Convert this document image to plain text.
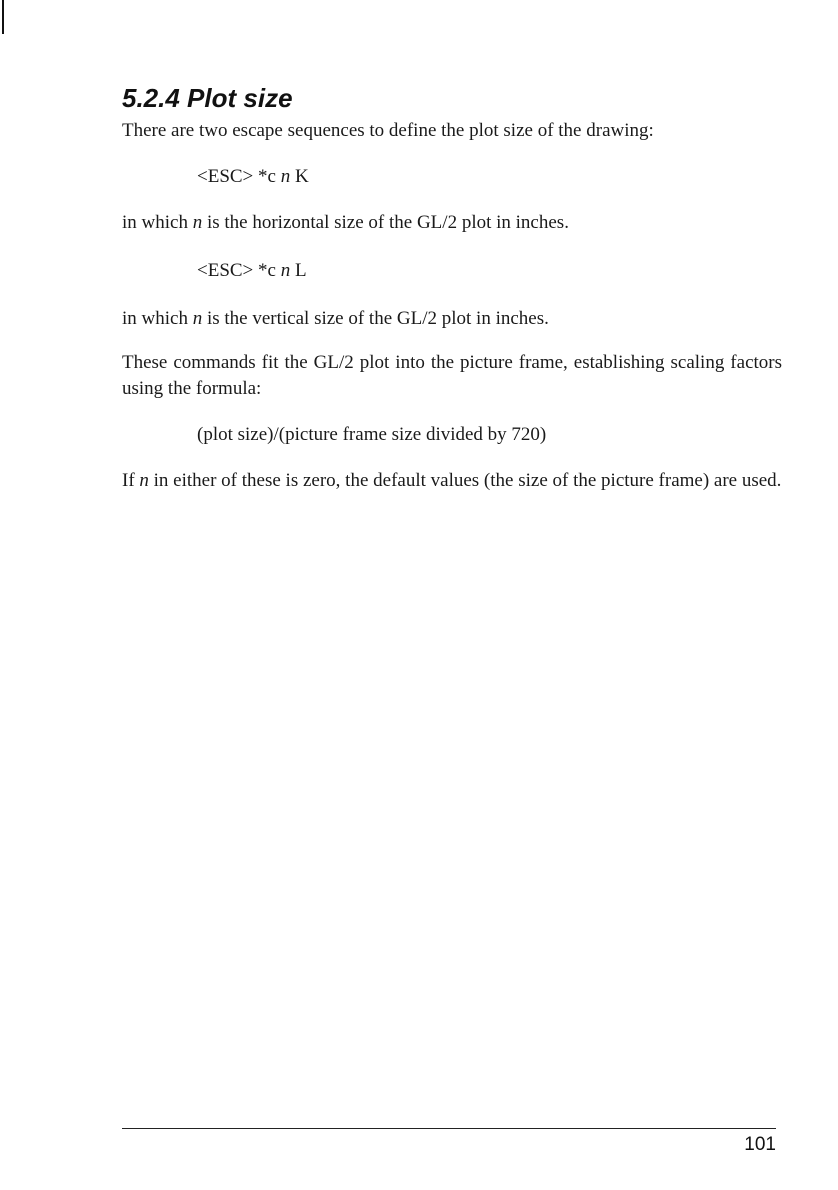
5.2.4 Plot size

There are two escape sequences to define the plot size of the drawing:

<ESC> *c n K

in which n is the horizontal size of the GL/2 plot in inches.

<ESC> *c n L

in which n is the vertical size of the GL/2 plot in inches.

These commands fit the GL/2 plot into the picture frame, establishing scaling factors using the formula:

(plot size)/(picture frame size divided by 720)

If n in either of these is zero, the default values (the size of the picture frame) are used.

101
